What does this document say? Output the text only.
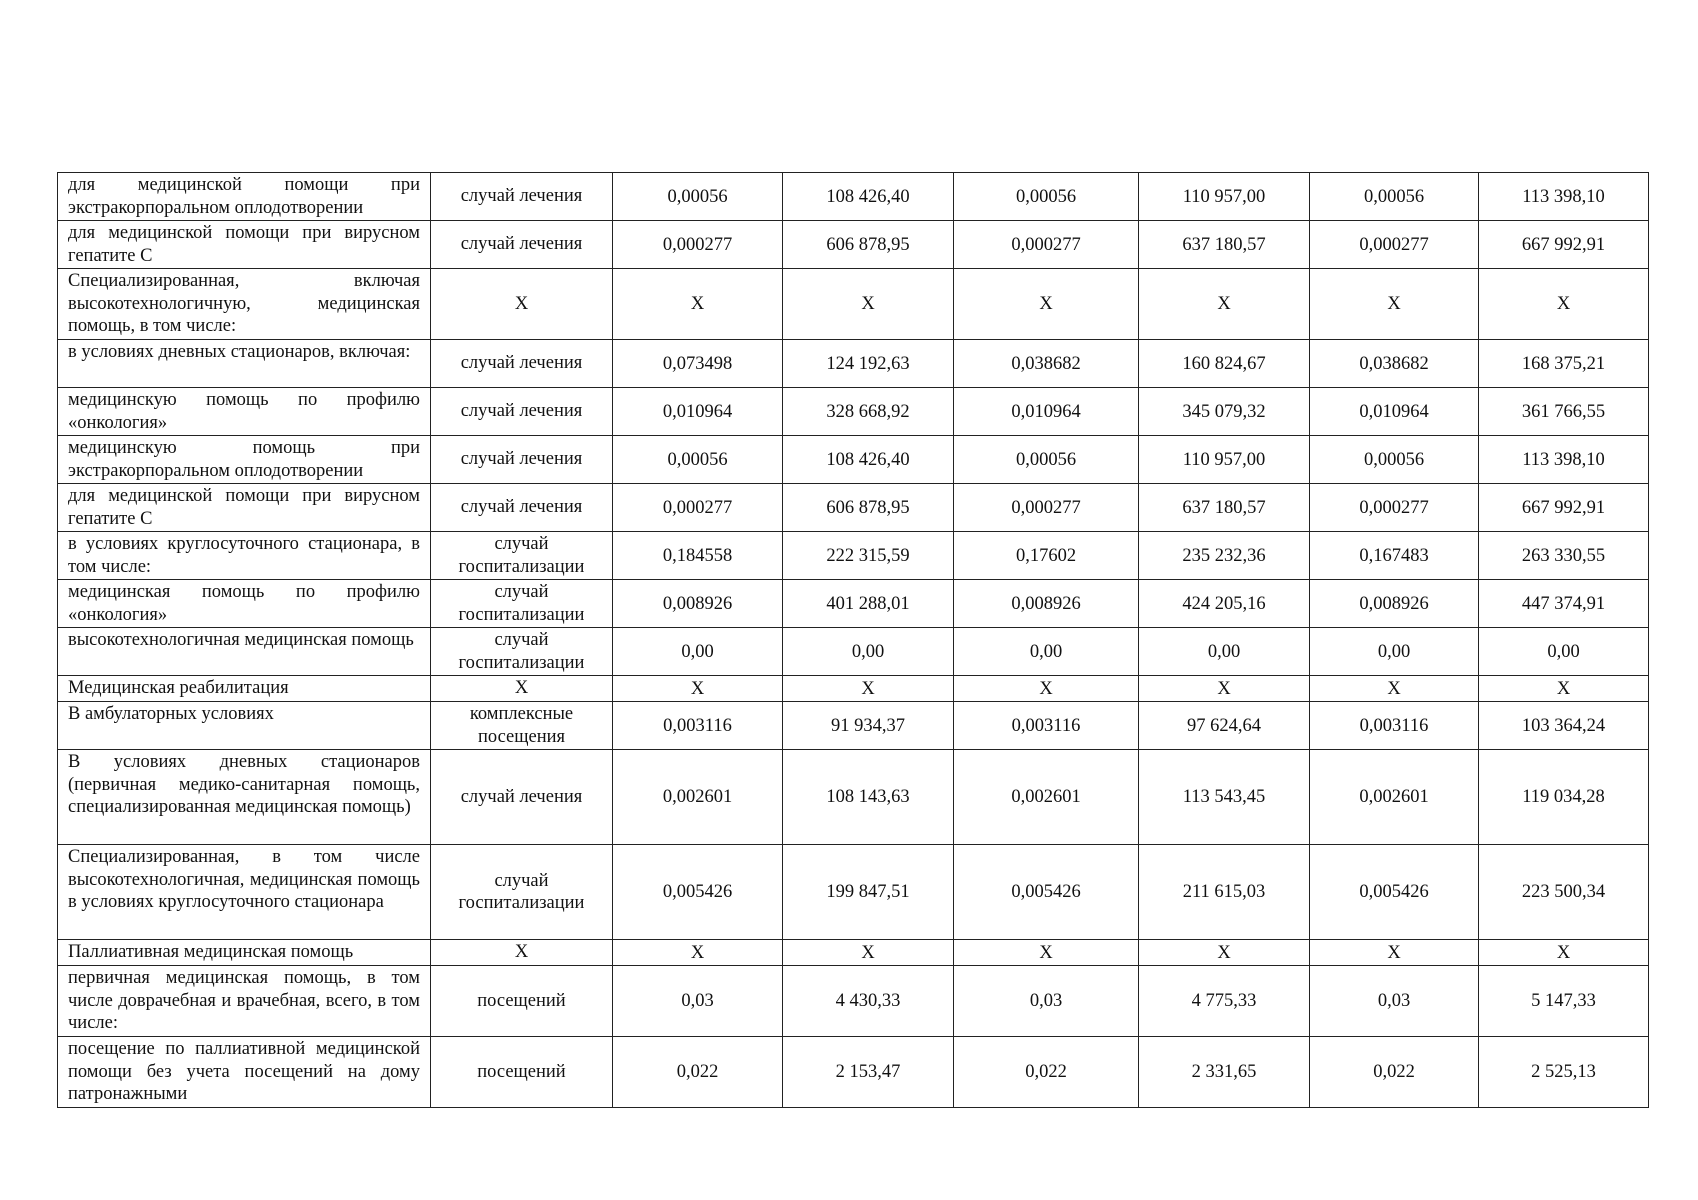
для медицинской помощи при экстракорпоральном оплодотворении	случай лечения	0,00056	108 426,40	0,00056	110 957,00	0,00056	113 398,10
для медицинской помощи при вирусном гепатите С	случай лечения	0,000277	606 878,95	0,000277	637 180,57	0,000277	667 992,91
Специализированная, включая высокотехнологичную, медицинская помощь, в том числе:	X	X	X	X	X	X	X
в условиях дневных стационаров, включая:	случай лечения	0,073498	124 192,63	0,038682	160 824,67	0,038682	168 375,21
медицинскую помощь по профилю «онкология»	случай лечения	0,010964	328 668,92	0,010964	345 079,32	0,010964	361 766,55
медицинскую помощь при экстракорпоральном оплодотворении	случай лечения	0,00056	108 426,40	0,00056	110 957,00	0,00056	113 398,10
для медицинской помощи при вирусном гепатите С	случай лечения	0,000277	606 878,95	0,000277	637 180,57	0,000277	667 992,91
в условиях круглосуточного стационара, в том числе:	случай госпитализации	0,184558	222 315,59	0,17602	235 232,36	0,167483	263 330,55
медицинская помощь по профилю «онкология»	случай госпитализации	0,008926	401 288,01	0,008926	424 205,16	0,008926	447 374,91
высокотехнологичная медицинская помощь	случай госпитализации	0,00	0,00	0,00	0,00	0,00	0,00
Медицинская реабилитация	X	X	X	X	X	X	X
В амбулаторных условиях	комплексные посещения	0,003116	91 934,37	0,003116	97 624,64	0,003116	103 364,24
В условиях дневных стационаров (первичная медико-санитарная помощь, специализированная медицинская помощь)	случай лечения	0,002601	108 143,63	0,002601	113 543,45	0,002601	119 034,28
Специализированная, в том числе высокотехнологичная, медицинская помощь в условиях круглосуточного стационара	случай госпитализации	0,005426	199 847,51	0,005426	211 615,03	0,005426	223 500,34
Паллиативная медицинская помощь	X	X	X	X	X	X	X
первичная медицинская помощь, в том числе доврачебная и врачебная, всего, в том числе:	посещений	0,03	4 430,33	0,03	4 775,33	0,03	5 147,33
посещение по паллиативной медицинской помощи без учета посещений на дому патронажными	посещений	0,022	2 153,47	0,022	2 331,65	0,022	2 525,13
